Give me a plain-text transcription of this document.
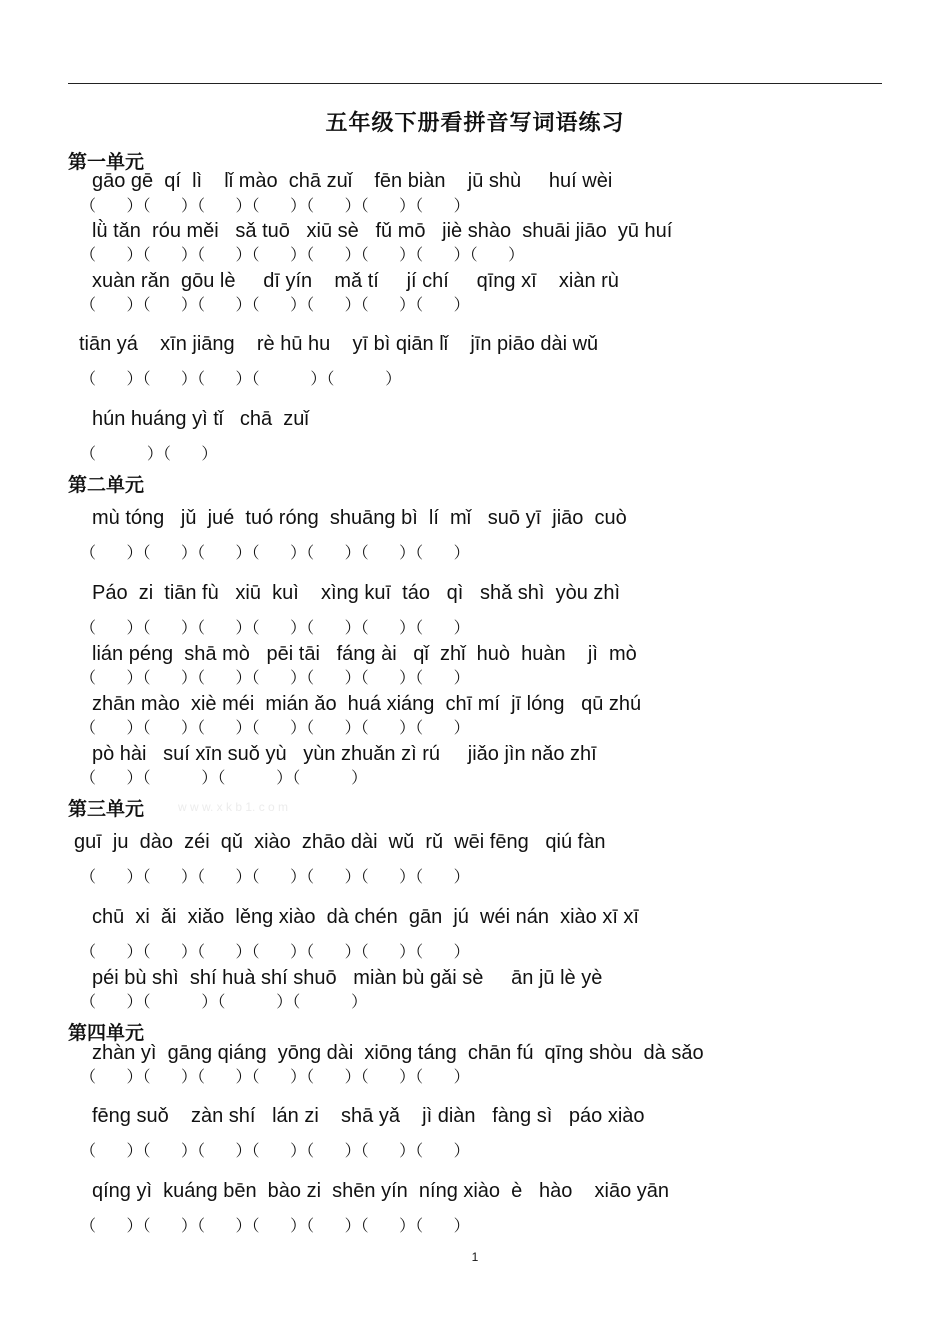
五年级下册看拼音写词语练习
第一单元
gāo gē  qí  lì    lǐ mào  chā zuǐ    fēn biàn    jū shù     huí wèi
（      ）（      ）（      ）（      ）（      ）（      ）（      ）
lǜ tǎn  róu měi   sǎ tuō   xiū sè   fǔ mō   jiè shào  shuāi jiāo  yū huí
（      ）（      ）（      ）（      ）（      ）（      ）（      ）（      ）
xuàn rǎn  gōu lè     dī yín    mǎ tí     jí chí     qīng xī    xiàn rù
（      ）（      ）（      ）（      ）（      ）（      ）（      ）
tiān yá    xīn jiāng    rè hū hu    yī bì qiān lǐ    jīn piāo dài wǔ
（      ）（      ）（      ）（          ）（          ）
hún huáng yì tǐ   chā  zuǐ
（          ）（      ）
第二单元
mù tóng   jǔ  jué  tuó róng  shuāng bì  lí  mǐ   suō yī  jiāo  cuò
（      ）（      ）（      ）（      ）（      ）（      ）（      ）
Páo  zi  tiān fù   xiū  kuì    xìng kuī  táo   qì   shǎ shì  yòu zhì
（      ）（      ）（      ）（      ）（      ）（      ）（      ）
lián péng  shā mò   pēi tāi   fáng ài   qǐ  zhǐ  huò  huàn    jì  mò
（      ）（      ）（      ）（      ）（      ）（      ）（      ）
zhān mào  xiè méi  mián ǎo  huá xiáng  chī mí  jī lóng   qū zhú
（      ）（      ）（      ）（      ）（      ）（      ）（      ）
pò hài   suí xīn suǒ yù   yùn zhuǎn zì rú     jiǎo jìn nǎo zhī
（      ）（          ）（          ）（          ）
第三单元	w w w. x k b 1. c o m
guī  ju  dào  zéi  qǔ  xiào  zhāo dài  wǔ  rǔ  wēi fēng   qiú fàn
（      ）（      ）（      ）（      ）（      ）（      ）（      ）
chū  xi  ǎi  xiǎo  lěng xiào  dà chén  gān  jú  wéi nán  xiào xī xī
（      ）（      ）（      ）（      ）（      ）（      ）（      ）
péi bù shì  shí huà shí shuō   miàn bù gǎi sè     ān jū lè yè
（      ）（          ）（          ）（          ）
第四单元
zhàn yì  gāng qiáng  yōng dài  xiōng táng  chān fú  qīng shòu  dà sǎo
（      ）（      ）（      ）（      ）（      ）（      ）（      ）
fēng suǒ    zàn shí   lán zi    shā yǎ    jì diàn   fàng sì   páo xiào
（      ）（      ）（      ）（      ）（      ）（      ）（      ）
qíng yì  kuáng bēn  bào zi  shēn yín  níng xiào  è   hào    xiāo yān
（      ）（      ）（      ）（      ）（      ）（      ）（      ）
1
